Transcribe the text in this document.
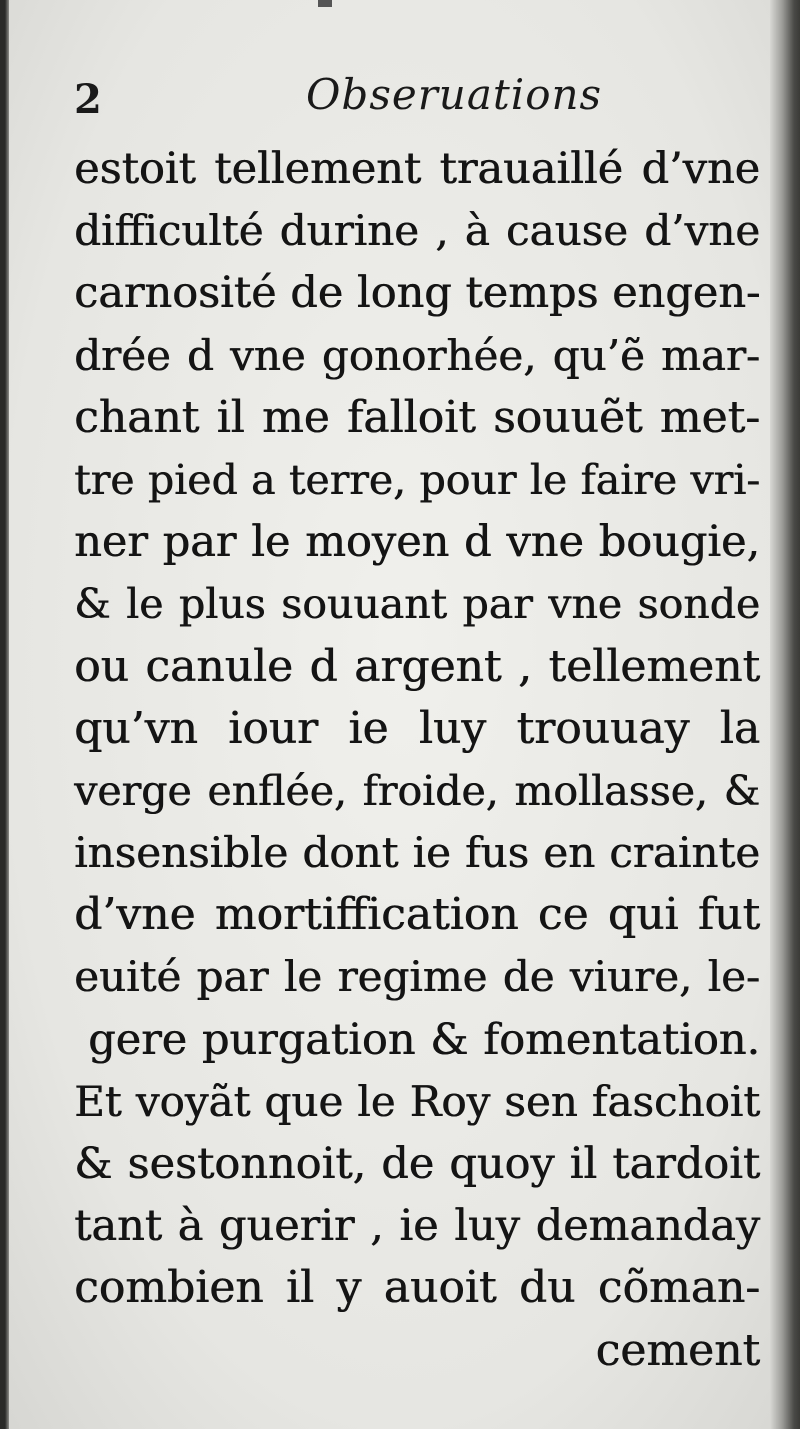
2	Obseruations
estoit tellement trauaillé d’vne
difficulté durine , à cause d’vne
carnosité de long temps engen-
drée d vne gonorhée, qu’ẽ mar-
chant il me falloit souuẽt met-
tre pied a terre, pour le faire vri-
ner par le moyen d vne bougie,
& le plus souuant par vne sonde
ou canule d argent , tellement
qu’vn iour ie luy trouuay la
verge enflée, froide, mollasse, &
insensible dont ie fus en crainte
d’vne mortiffication ce qui fut
euité par le regime de viure, le-
gere purgation & fomentation.
Et voyãt que le Roy sen faschoit
& sestonnoit, de quoy il tardoit
tant à guerir , ie luy demanday
combien il y auoit du cõman-
cement
